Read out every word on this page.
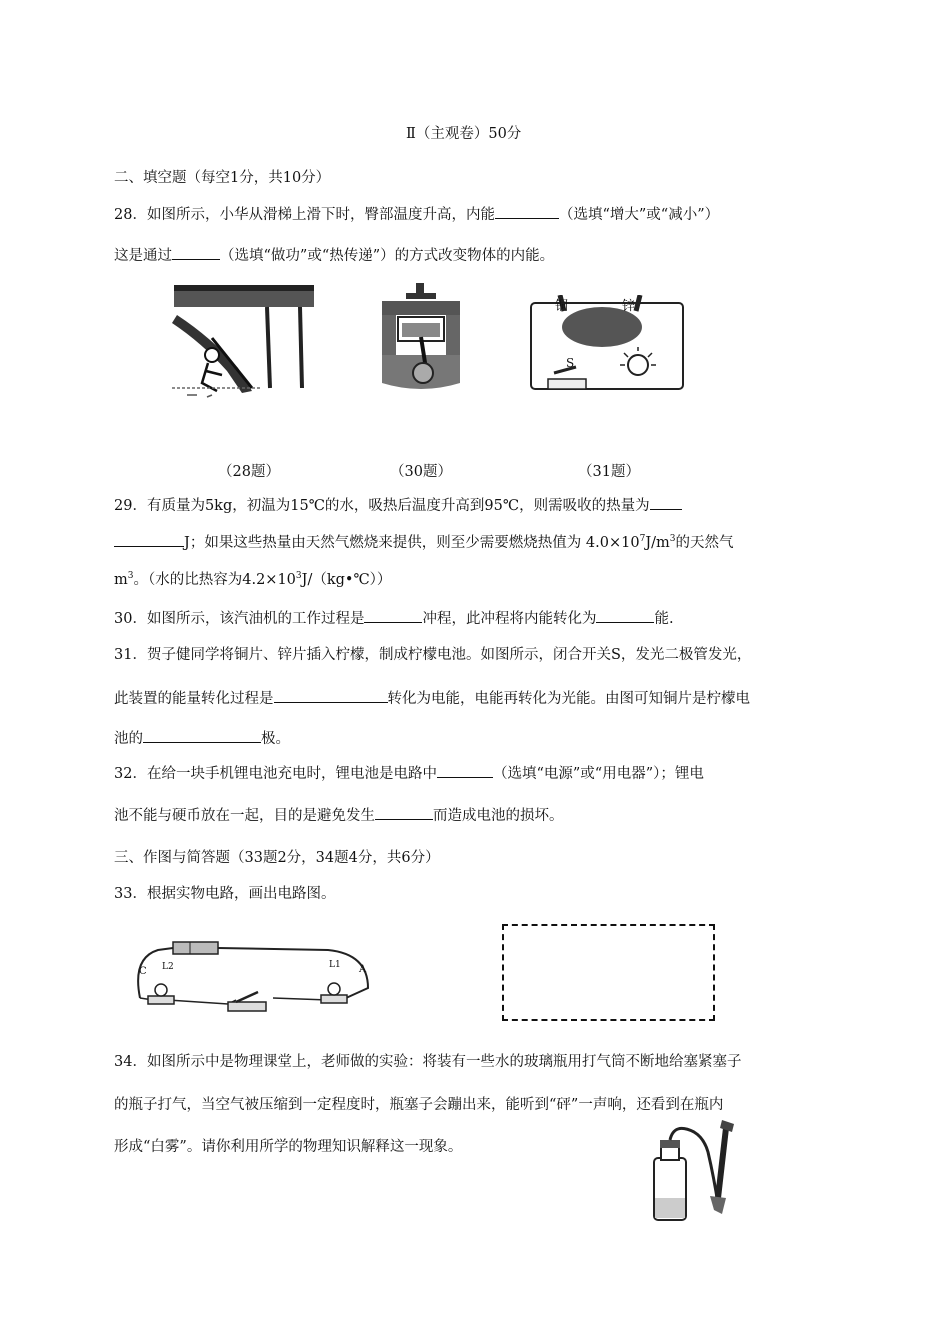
Ⅱ（主观卷）50分
二、填空题（每空1分，共10分）
28．如图所示，小华从滑梯上滑下时，臀部温度升高，内能	（选填“增大”或“减小”）
这是通过	（选填“做功”或“热传递”）的方式改变物体的内能。
铜	锌
S
（28题）	（30题）	（31题）
29．有质量为5kg，初温为15℃的水，吸热后温度升高到95℃，则需吸收的热量为
J；如果这些热量由天然气燃烧来提供，则至少需要燃烧热值为 $4.0\times 10^7J/m^3$的天然气
$m^3$。（水的比热容为$4.2\times 10^3J/(kg•℃)$）
30．如图所示，该汽油机的工作过程是	冲程，此冲程将内能转化为	能.
31．贺子健同学将铜片、锌片插入柠檬，制成柠檬电池。如图所示，闭合开关S，发光二极管发光，
此装置的能量转化过程是	转化为电能，电能再转化为光能。由图可知铜片是柠檬电
池的	极。
32．在给一块手机锂电池充电时，锂电池是电路中	（选填“电源”或“用电器”）；锂电
池不能与硬币放在一起，目的是避免发生	而造成电池的损坏。
三、作图与简答题（33题2分，34题4分，共6分）
33．根据实物电路，画出电路图。
C L2	L1 A
34．如图所示中是物理课堂上，老师做的实验：将装有一些水的玻璃瓶用打气筒不断地给塞紧塞子
的瓶子打气，当空气被压缩到一定程度时，瓶塞子会蹦出来，能听到“砰”一声响，还看到在瓶内
形成“白雾”。请你利用所学的物理知识解释这一现象。
